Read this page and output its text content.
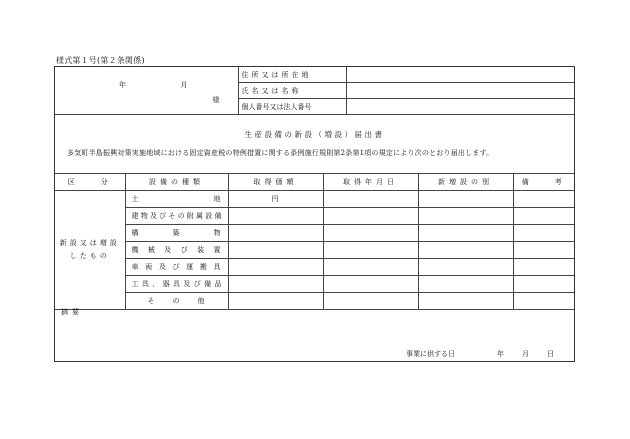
様式第１号(第２条関係)
年 月
様	住所又は所在地	
	氏名又は名称	
	個人番号又は法人番号	
生産設備の新設（増設）届出書
多気町半島振興対策実施地域における固定資産税の特例措置に関する条例施行規則第2条第1項の規定により次のとおり届出します。
区　　分	設備の種類	取得価額	取得年月日	新増設の別	備　　考
新設又は増設したもの	土地	円			
	建物及びその附属設備				
	構築物				
	機械及び装置				
	車両及び運搬具				
	工具、器具及び備品				
	その他				
摘要
事業に供する日	年	月	日
